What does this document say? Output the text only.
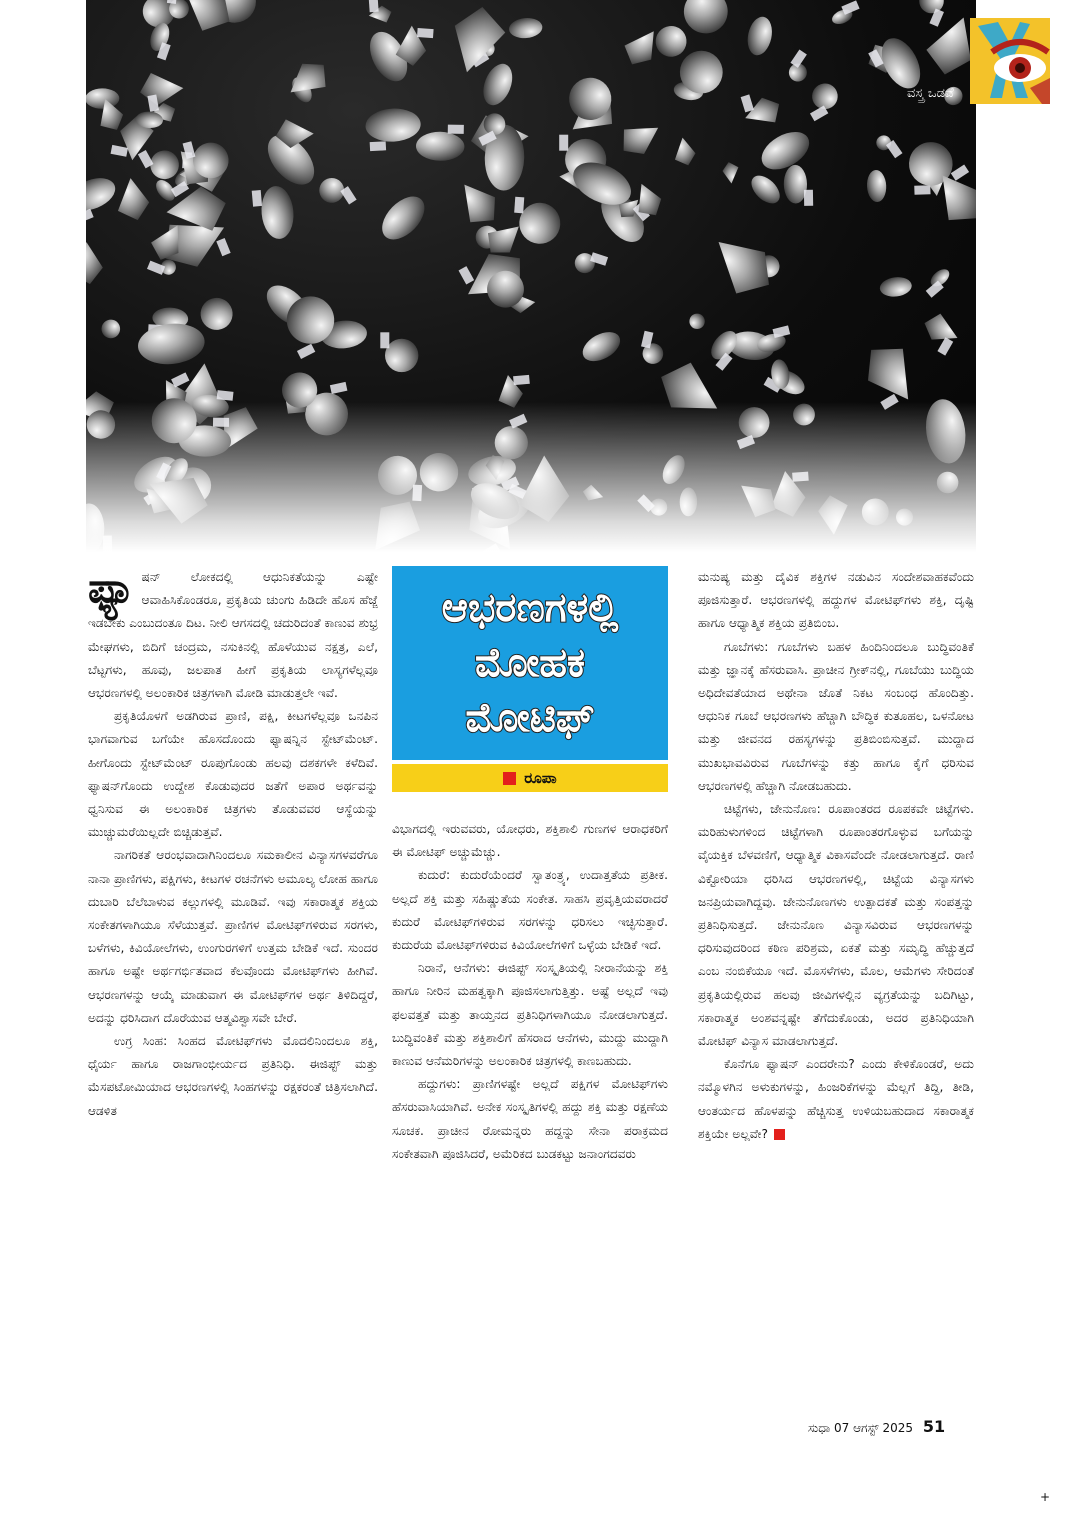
ವಸ್ತ್ರ ಒಡವೆ

ಫ್ಯಾ ಷನ್ ಲೋಕದಲ್ಲಿ ಆಧುನಿಕತೆಯನ್ನು ಎಷ್ಟೇ ಆವಾಹಿಸಿಕೊಂಡರೂ, ಪ್ರಕೃತಿಯ ಚುಂಗು ಹಿಡಿದೇ ಹೊಸ ಹೆಜ್ಜೆ ಇಡಬೇಕು ಎಂಬುದಂತೂ ದಿಟ. ನೀಲಿ ಆಗಸದಲ್ಲಿ ಚದುರಿದಂತೆ ಕಾಣುವ ಶುಭ್ರ ಮೇಘಗಳು, ಬಿದಿಗೆ ಚಂದ್ರಮ, ನಸುಕಿನಲ್ಲಿ ಹೊಳೆಯುವ ನಕ್ಷತ್ರ, ಎಲೆ, ಬೆಟ್ಟಗಳು, ಹೂವು, ಜಲಪಾತ ಹೀಗೆ ಪ್ರಕೃತಿಯ ಲಾಸ್ಯಗಳೆಲ್ಲವೂ ಆಭರಣಗಳಲ್ಲಿ ಅಲಂಕಾರಿಕ ಚಿತ್ರಗಳಾಗಿ ಮೋಡಿ ಮಾಡುತ್ತಲೇ ಇವೆ.

ಪ್ರಕೃತಿಯೊಳಗೆ ಅಡಗಿರುವ ಪ್ರಾಣಿ, ಪಕ್ಷಿ, ಕೀಟಗಳೆಲ್ಲವೂ ಒನಪಿನ ಭಾಗವಾಗುವ ಬಗೆಯೇ ಹೊಸದೊಂದು ಫ್ಯಾಷನ್ನಿನ ಸ್ಟೇಟ್‌ಮೆಂಟ್. ಹೀಗೊಂದು ಸ್ಟೇಟ್‌ಮೆಂಟ್ ರೂಪುಗೊಂಡು ಹಲವು ದಶಕಗಳೇ ಕಳೆದಿವೆ. ಫ್ಯಾಷನ್‌ಗೊಂದು ಉದ್ದೇಶ ಕೊಡುವುದರ ಜತೆಗೆ ಅಪಾರ ಅರ್ಥವನ್ನು ಧ್ವನಿಸುವ ಈ ಅಲಂಕಾರಿಕ ಚಿತ್ರಗಳು ತೊಡುವವರ ಆಸ್ಥೆಯನ್ನು ಮುಚ್ಚುಮರೆಯಿಲ್ಲದೇ ಬಿಚ್ಚಿಡುತ್ತವೆ.

ನಾಗರಿಕತೆ ಆರಂಭವಾದಾಗಿನಿಂದಲೂ ಸಮಕಾಲೀನ ವಿನ್ಯಾಸಗಳವರೆಗೂ ನಾನಾ ಪ್ರಾಣಿಗಳು, ಪಕ್ಷಿಗಳು, ಕೀಟಗಳ ರಚನೆಗಳು ಅಮೂಲ್ಯ ಲೋಹ ಹಾಗೂ ದುಬಾರಿ ಬೆಲೆಬಾಳುವ ಕಲ್ಲುಗಳಲ್ಲಿ ಮೂಡಿವೆ. ಇವು ಸಕಾರಾತ್ಮಕ ಶಕ್ತಿಯ ಸಂಕೇತಗಳಾಗಿಯೂ ಸೆಳೆಯುತ್ತವೆ. ಪ್ರಾಣಿಗಳ ಮೋಟಿಫ್‌ಗಳಿರುವ ಸರಗಳು, ಬಳೆಗಳು, ಕಿವಿಯೋಲೆಗಳು, ಉಂಗುರಗಳಿಗೆ ಉತ್ತಮ ಬೇಡಿಕೆ ಇದೆ. ಸುಂದರ ಹಾಗೂ ಅಷ್ಟೇ ಅರ್ಥಗರ್ಭಿತವಾದ ಕೆಲವೊಂದು ಮೋಟಿಫ್‌ಗಳು ಹೀಗಿವೆ. ಆಭರಣಗಳನ್ನು ಆಯ್ಕೆ ಮಾಡುವಾಗ ಈ ಮೋಟಿಫ್‌ಗಳ ಅರ್ಥ ತಿಳಿದಿದ್ದರೆ, ಅದನ್ನು ಧರಿಸಿದಾಗ ದೊರೆಯುವ ಆತ್ಮವಿಶ್ವಾಸವೇ ಬೇರೆ.

ಉಗ್ರ ಸಿಂಹ: ಸಿಂಹದ ಮೋಟಿಫ್‌ಗಳು ಮೊದಲಿನಿಂದಲೂ ಶಕ್ತಿ, ಧೈರ್ಯ ಹಾಗೂ ರಾಜಗಾಂಭೀರ್ಯದ ಪ್ರತಿನಿಧಿ. ಈಜಿಪ್ಟ್ ಮತ್ತು ಮೆಸಪಟೋಮಿಯಾದ ಆಭರಣಗಳಲ್ಲಿ ಸಿಂಹಗಳನ್ನು ರಕ್ಷಕರಂತೆ ಚಿತ್ರಿಸಲಾಗಿದೆ. ಆಡಳಿತ

ಆಭರಣಗಳಲ್ಲಿ ಮೋಹಕ ಮೋಟಿಫ್
ರೂಪಾ

ವಿಭಾಗದಲ್ಲಿ ಇರುವವರು, ಯೋಧರು, ಶಕ್ತಿಶಾಲಿ ಗುಣಗಳ ಆರಾಧಕರಿಗೆ ಈ ಮೋಟಿಫ್ ಅಚ್ಚುಮೆಚ್ಚು.

ಕುದುರೆ: ಕುದುರೆಯೆಂದರೆ ಸ್ವಾತಂತ್ರ್ಯ, ಉದಾತ್ತತೆಯ ಪ್ರತೀಕ. ಅಲ್ಲದೆ ಶಕ್ತಿ ಮತ್ತು ಸಹಿಷ್ಣುತೆಯ ಸಂಕೇತ. ಸಾಹಸಿ ಪ್ರವೃತ್ತಿಯವರಾದರೆ ಕುದುರೆ ಮೋಟಿಫ್‌ಗಳಿರುವ ಸರಗಳನ್ನು ಧರಿಸಲು ಇಚ್ಛಿಸುತ್ತಾರೆ. ಕುದುರೆಯ ಮೋಟಿಫ್‌ಗಳಿರುವ ಕಿವಿಯೋಲೆಗಳಿಗೆ ಒಳ್ಳೆಯ ಬೇಡಿಕೆ ಇದೆ.

ನಿರಾನೆ, ಆನೆಗಳು: ಈಜಿಪ್ಟ್ ಸಂಸ್ಕೃತಿಯಲ್ಲಿ ನೀರಾನೆಯನ್ನು ಶಕ್ತಿ ಹಾಗೂ ನೀರಿನ ಮಹತ್ವಕ್ಕಾಗಿ ಪೂಜಿಸಲಾಗುತ್ತಿತ್ತು. ಅಷ್ಟೆ ಅಲ್ಲದೆ ಇವು ಫಲವತ್ತತೆ ಮತ್ತು ತಾಯ್ತನದ ಪ್ರತಿನಿಧಿಗಳಾಗಿಯೂ ನೋಡಲಾಗುತ್ತದೆ. ಬುದ್ಧಿವಂತಿಕೆ ಮತ್ತು ಶಕ್ತಿಶಾಲಿಗೆ ಹೆಸರಾದ ಆನೆಗಳು, ಮುದ್ದು ಮುದ್ದಾಗಿ ಕಾಣುವ ಆನೆಮರಿಗಳನ್ನು ಅಲಂಕಾರಿಕ ಚಿತ್ರಗಳಲ್ಲಿ ಕಾಣಬಹುದು.

ಹದ್ದುಗಳು: ಪ್ರಾಣಿಗಳಷ್ಟೇ ಅಲ್ಲದೆ ಪಕ್ಷಿಗಳ ಮೋಟಿಫ್‌ಗಳು ಹೆಸರುವಾಸಿಯಾಗಿವೆ. ಅನೇಕ ಸಂಸ್ಕೃತಿಗಳಲ್ಲಿ ಹದ್ದು ಶಕ್ತಿ ಮತ್ತು ರಕ್ಷಣೆಯ ಸೂಚಕ. ಪ್ರಾಚೀನ ರೋಮನ್ನರು ಹದ್ದನ್ನು ಸೇನಾ ಪರಾಕ್ರಮದ ಸಂಕೇತವಾಗಿ ಪೂಜಿಸಿದರೆ, ಅಮೆರಿಕದ ಬುಡಕಟ್ಟು ಜನಾಂಗದವರು

ಮನುಷ್ಯ ಮತ್ತು ದೈವಿಕ ಶಕ್ತಿಗಳ ನಡುವಿನ ಸಂದೇಶವಾಹಕವೆಂದು ಪೂಜಿಸುತ್ತಾರೆ. ಆಭರಣಗಳಲ್ಲಿ ಹದ್ದುಗಳ ಮೋಟಿಫ್‌ಗಳು ಶಕ್ತಿ, ದೃಷ್ಟಿ ಹಾಗೂ ಆಧ್ಯಾತ್ಮಿಕ ಶಕ್ತಿಯ ಪ್ರತಿಬಿಂಬ.

ಗೂಬೆಗಳು: ಗೂಬೆಗಳು ಬಹಳ ಹಿಂದಿನಿಂದಲೂ ಬುದ್ಧಿವಂತಿಕೆ ಮತ್ತು ಜ್ಞಾನಕ್ಕೆ ಹೆಸರುವಾಸಿ. ಪ್ರಾಚೀನ ಗ್ರೀಕ್‌ನಲ್ಲಿ, ಗೂಬೆಯು ಬುದ್ಧಿಯ ಅಧಿದೇವತೆಯಾದ ಅಥೇನಾ ಜೊತೆ ನಿಕಟ ಸಂಬಂಧ ಹೊಂದಿತ್ತು. ಆಧುನಿಕ ಗೂಬೆ ಆಭರಣಗಳು ಹೆಚ್ಚಾಗಿ ಬೌದ್ಧಿಕ ಕುತೂಹಲ, ಒಳನೋಟ ಮತ್ತು ಜೀವನದ ರಹಸ್ಯಗಳನ್ನು ಪ್ರತಿಬಿಂಬಿಸುತ್ತವೆ. ಮುದ್ದಾದ ಮುಖಭಾವವಿರುವ ಗೂಬೆಗಳನ್ನು ಕತ್ತು ಹಾಗೂ ಕೈಗೆ ಧರಿಸುವ ಆಭರಣಗಳಲ್ಲಿ ಹೆಚ್ಚಾಗಿ ನೋಡಬಹುದು.

ಚಿಟ್ಟೆಗಳು, ಜೇನುನೊಣ: ರೂಪಾಂತರದ ರೂಪಕವೇ ಚಿಟ್ಟೆಗಳು. ಮರಿಹುಳುಗಳಿಂದ ಚಿಟ್ಟೆಗಳಾಗಿ ರೂಪಾಂತರಗೊಳ್ಳುವ ಬಗೆಯನ್ನು ವೈಯಕ್ತಿಕ ಬೆಳವಣಿಗೆ, ಆಧ್ಯಾತ್ಮಿಕ ವಿಕಾಸವೆಂದೇ ನೋಡಲಾಗುತ್ತದೆ. ರಾಣಿ ವಿಕ್ಟೋರಿಯಾ ಧರಿಸಿದ ಆಭರಣಗಳಲ್ಲಿ, ಚಿಟ್ಟೆಯ ವಿನ್ಯಾಸಗಳು ಜನಪ್ರಿಯವಾಗಿದ್ದವು. ಜೇನುನೊಣಗಳು ಉತ್ಪಾದಕತೆ ಮತ್ತು ಸಂಪತ್ತನ್ನು ಪ್ರತಿನಿಧಿಸುತ್ತದೆ. ಜೇನುನೊಣ ವಿನ್ಯಾಸವಿರುವ ಆಭರಣಗಳನ್ನು ಧರಿಸುವುದರಿಂದ ಕಠಿಣ ಪರಿಶ್ರಮ, ಏಕತೆ ಮತ್ತು ಸಮೃದ್ಧಿ ಹೆಚ್ಚುತ್ತದೆ ಎಂಬ ನಂಬಿಕೆಯೂ ಇದೆ. ಮೊಸಳೆಗಳು, ಮೊಲ, ಆಮೆಗಳು ಸೇರಿದಂತೆ ಪ್ರಕೃತಿಯಲ್ಲಿರುವ ಹಲವು ಜೀವಿಗಳಲ್ಲಿನ ವ್ಯಗ್ರತೆಯನ್ನು ಬದಿಗಿಟ್ಟು, ಸಕಾರಾತ್ಮಕ ಅಂಶವನ್ನಷ್ಟೇ ತೆಗೆದುಕೊಂಡು, ಅದರ ಪ್ರತಿನಿಧಿಯಾಗಿ ಮೋಟಿಫ್ ವಿನ್ಯಾಸ ಮಾಡಲಾಗುತ್ತದೆ.

ಕೊನೆಗೂ ಫ್ಯಾಷನ್ ಎಂದರೇನು? ಎಂದು ಕೇಳಿಕೊಂಡರೆ, ಅದು ನಮ್ಮೊಳಗಿನ ಅಳುಕುಗಳನ್ನು, ಹಿಂಜರಿಕೆಗಳನ್ನು ಮೆಲ್ಲಗೆ ತಿದ್ದಿ, ತೀಡಿ, ಆಂತರ್ಯದ ಹೊಳಪನ್ನು ಹೆಚ್ಚಿಸುತ್ತ ಉಳಿಯಬಹುದಾದ ಸಕಾರಾತ್ಮಕ ಶಕ್ತಿಯೇ ಅಲ್ಲವೇ?

ಸುಧಾ 07 ಆಗಸ್ಟ್ 2025 51
+
